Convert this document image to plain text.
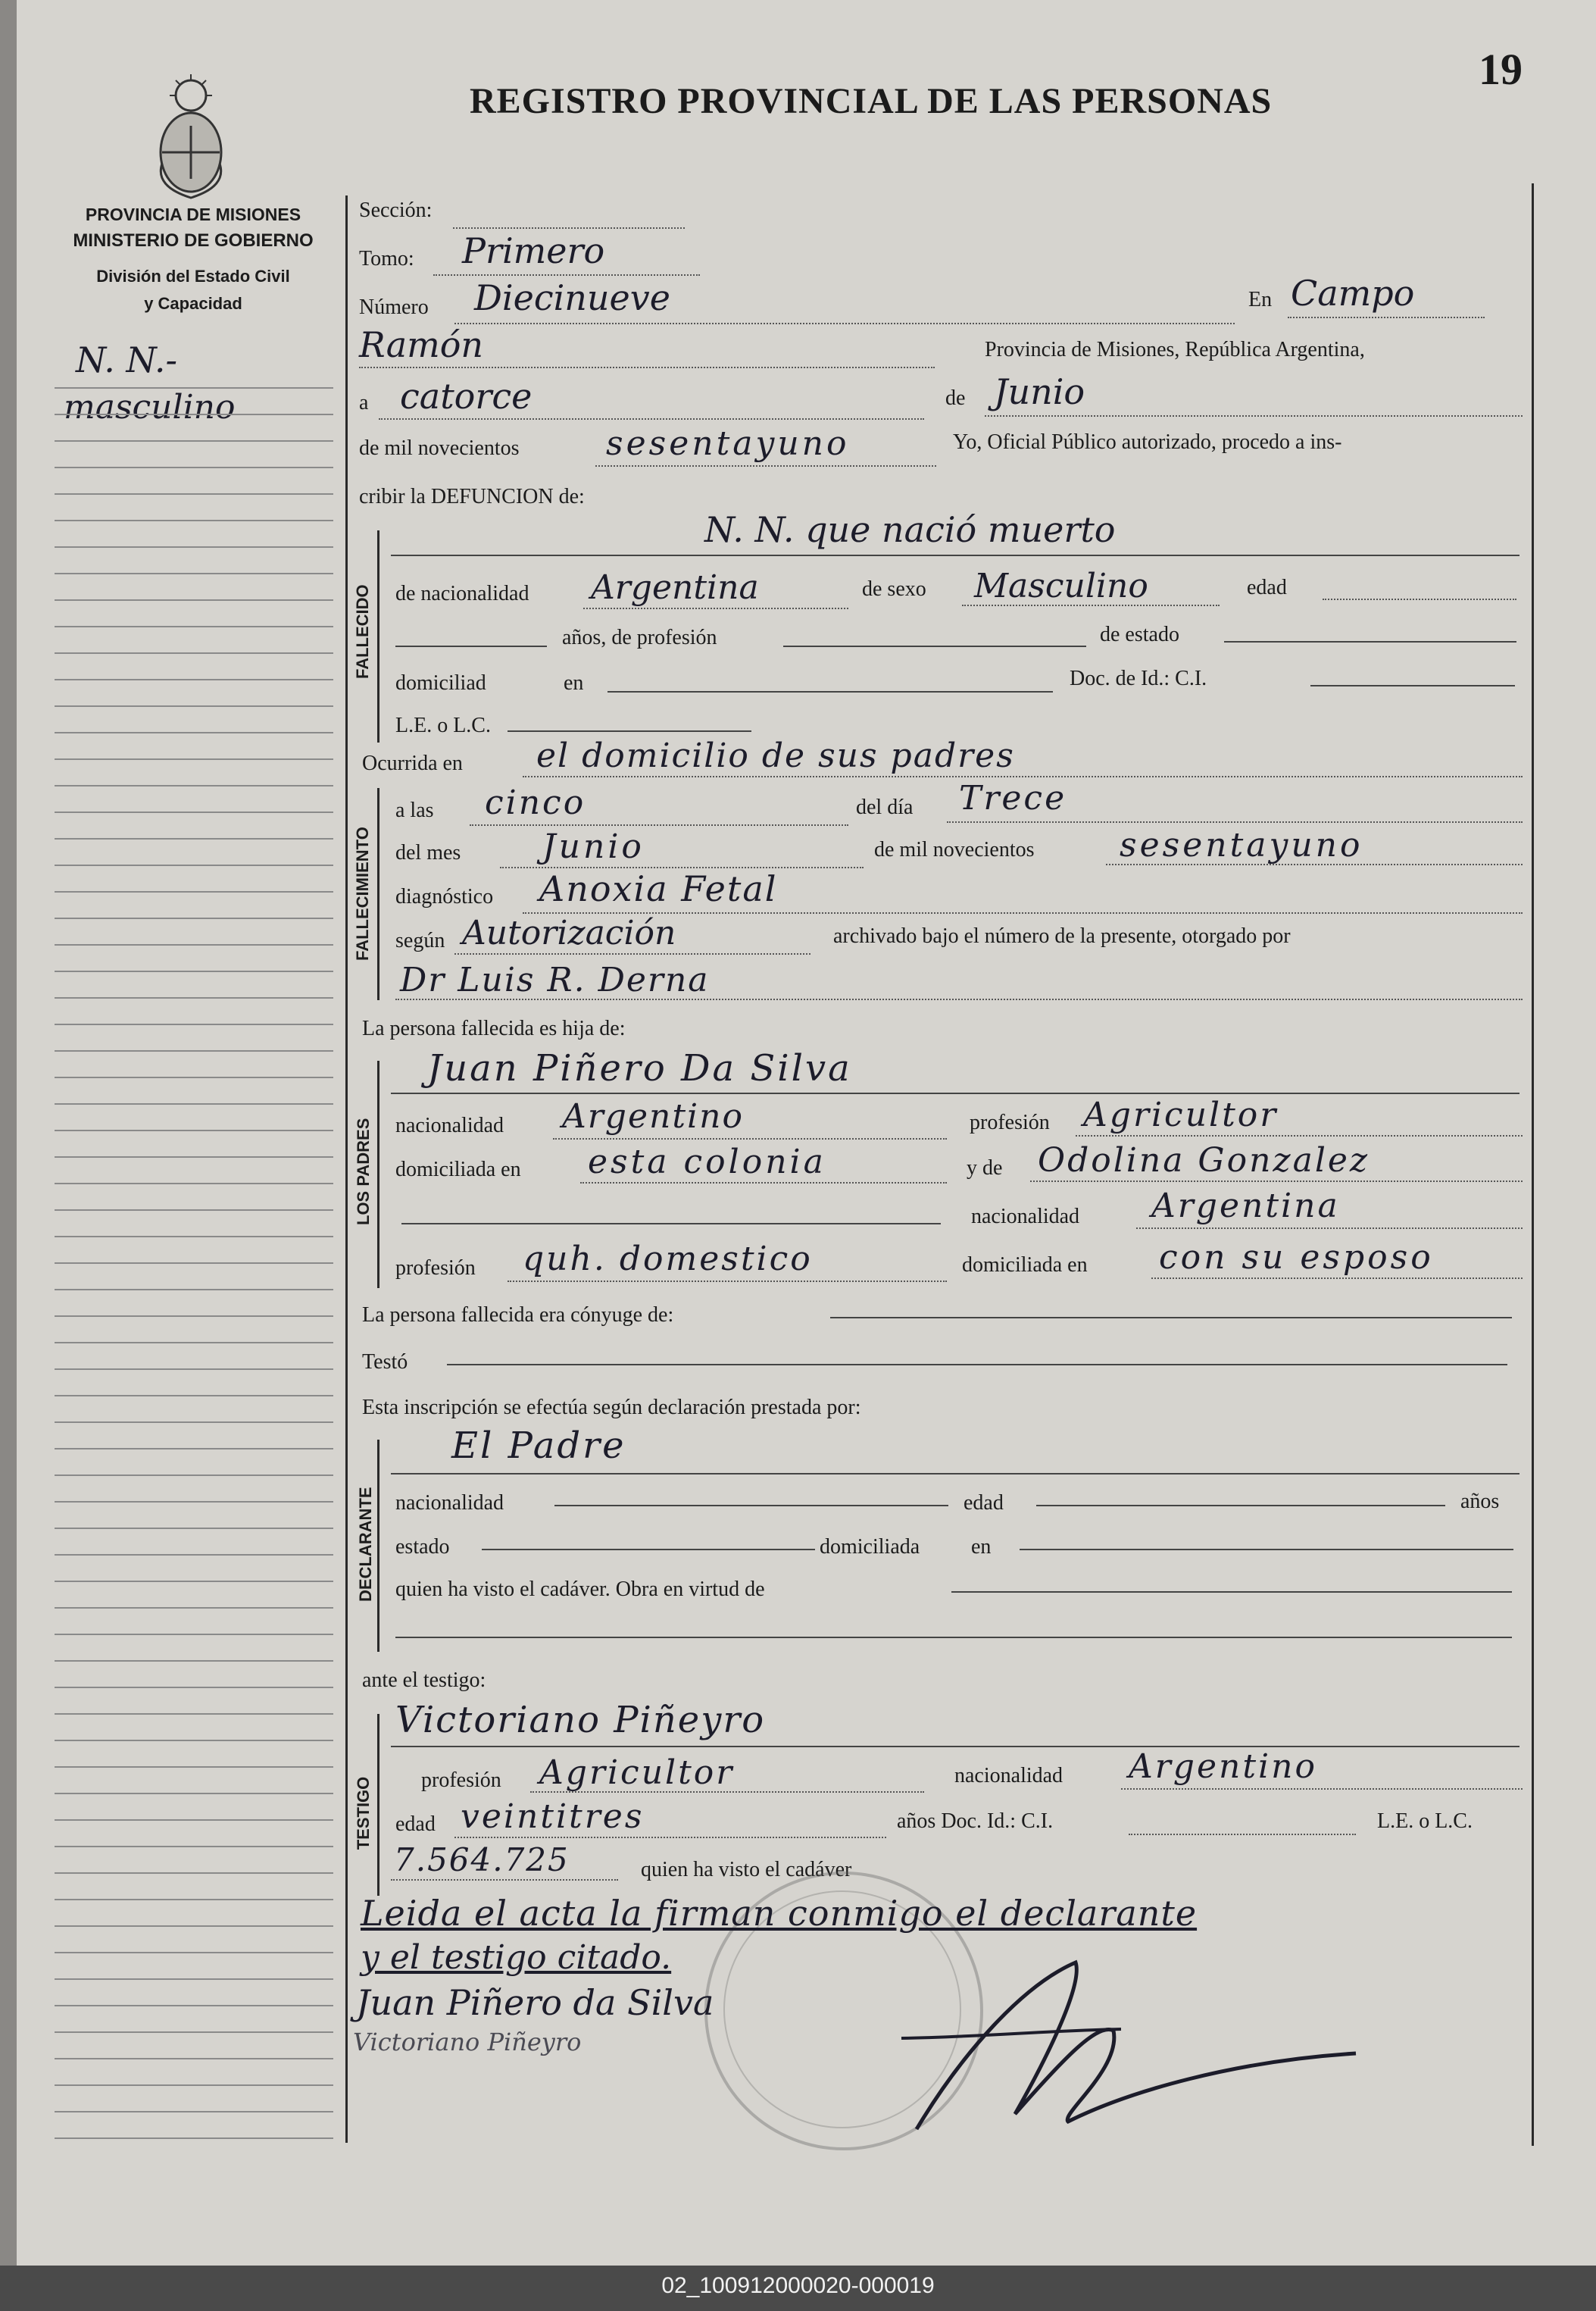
02_100912000020-000019
19
REGISTRO PROVINCIAL DE LAS PERSONAS
PROVINCIA DE MISIONES
MINISTERIO DE GOBIERNO
División del Estado Civil
y Capacidad
N. N.-
masculino
Sección:
Tomo: Primero
Número Diecinueve	En Campo
Ramón	Provincia de Misiones, República Argentina,
a catorce	de Junio
de mil novecientos	sesentayuno	Yo, Oficial Público autorizado, procedo a ins-
cribir la DEFUNCION de:
FALLECIDO
N. N. que nació muerto
de nacionalidad Argentina	de sexo Masculino	edad
años, de profesión	de estado
domiciliad	en	Doc. de Id.: C.I.
L.E. o L.C.
Ocurrida en el domicilio de sus padres
FALLECIMIENTO
a las cinco	del día Trece
del mes Junio	de mil novecientos	sesentayuno
diagnóstico Anoxia Fetal
según Autorización	archivado bajo el número de la presente, otorgado por
Dr Luis R. Derna
La persona fallecida es hija de:
LOS PADRES
Juan Piñero Da Silva
nacionalidad Argentino	profesión Agricultor
domiciliada en esta colonia	y de Odolina Gonzalez
nacionalidad Argentina
profesión quh. domestico	domiciliada en con su esposo
La persona fallecida era cónyuge de:
Testó
Esta inscripción se efectúa según declaración prestada por:
DECLARANTE
El Padre
nacionalidad	edad	años
estado	domiciliada en
quien ha visto el cadáver. Obra en virtud de
ante el testigo:
TESTIGO
Victoriano Piñeyro
profesión Agricultor	nacionalidad Argentino
edad veintitres	años Doc. Id.: C.I.	L.E. o L.C.
7.564.725	quien ha visto el cadáver
Leida el acta la firman conmigo el declarante
y el testigo citado.
Juan Piñero da Silva
Victoriano Piñeyro
